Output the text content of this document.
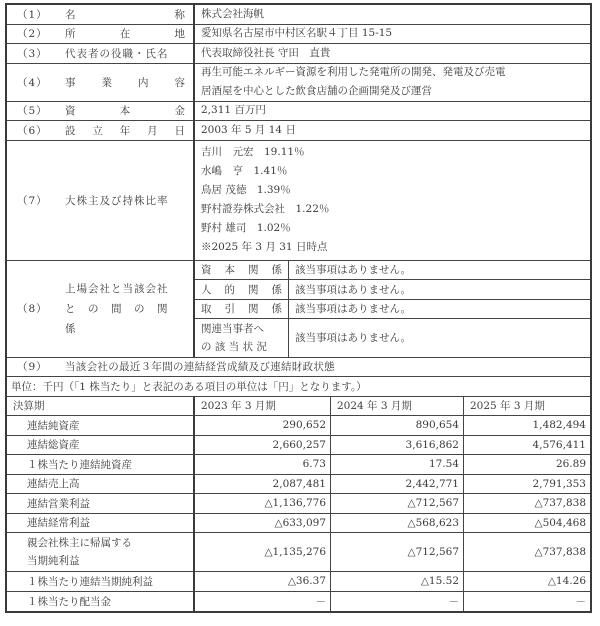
（1）	名	称	株式会社海帆
（2）	所	在	地	愛知県名古屋市中村区名駅４丁目 15-15
（3）	代表者の役職・氏名	代表取締役社長 守田　直貴
（4）	事 業 内 容
再生可能エネルギー資源を利用した発電所の開発、発電及び売電
居酒屋を中心とした飲食店舗の企画開発及び運営
（5）	資	本	金	2,311 百万円
（6）	設 立 年 月 日	2003 年 5 月 14 日
（7）	大株主及び持株比率
吉川　元宏　19.11％
水嶋　亨　1.41％
鳥居 茂徳　1.39％
野村證券株式会社　1.22％
野村 雄司　1.02％
※2025 年 3 月 31 日時点
（8）
上場会社と当該会社
と　の　間　の　関　係
資 本 関 係	該当事項はありません。
人 的 関 係	該当事項はありません。
取 引 関 係	該当事項はありません。
関連当事者へ
の 該 当 状 況
該当事項はありません。
（9）	当該会社の最近３年間の連結経営成績及び連結財政状態
単位：千円（「1 株当たり」と表記のある項目の単位は「円」となります。）
決算期	2023 年 3 月期	2024 年 3 月期	2025 年 3 月期
連結純資産	290,652	890,654	1,482,494
連結総資産	2,660,257	3,616,862	4,576,411
１株当たり連結純資産	6.73	17.54	26.89
連結売上高	2,087,481	2,442,771	2,791,353
連結営業利益	△1,136,776	△712,567	△737,838
連結経常利益	△633,097	△568,623	△504,468
親会社株主に帰属する
当期純利益
△1,135,276	△712,567	△737,838
１株当たり連結当期純利益	△36.37	△15.52	△14.26
１株当たり配当金	－	－	－
